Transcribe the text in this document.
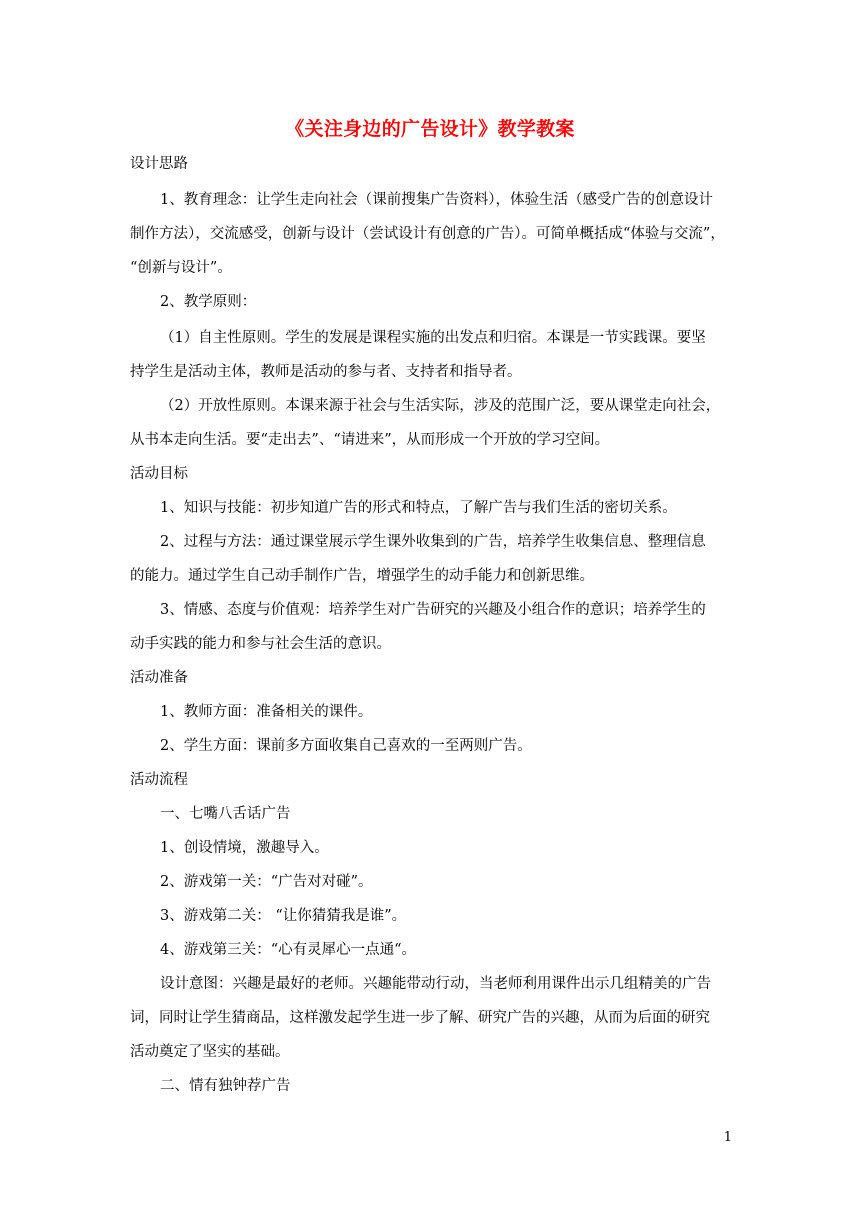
《关注身边的广告设计》教学教案
设计思路
1、教育理念：让学生走向社会（课前搜集广告资料），体验生活（感受广告的创意设计
制作方法），交流感受，创新与设计（尝试设计有创意的广告）。可简单概括成“体验与交流”，
“创新与设计”。
2、教学原则：
（1）自主性原则。学生的发展是课程实施的出发点和归宿。本课是一节实践课。要坚
持学生是活动主体，教师是活动的参与者、支持者和指导者。
（2）开放性原则。本课来源于社会与生活实际，涉及的范围广泛，要从课堂走向社会，
从书本走向生活。要“走出去”、“请进来”，从而形成一个开放的学习空间。
活动目标
1、知识与技能：初步知道广告的形式和特点，了解广告与我们生活的密切关系。
2、过程与方法：通过课堂展示学生课外收集到的广告，培养学生收集信息、整理信息
的能力。通过学生自己动手制作广告，增强学生的动手能力和创新思维。
3、情感、态度与价值观：培养学生对广告研究的兴趣及小组合作的意识；培养学生的
动手实践的能力和参与社会生活的意识。
活动准备
1、教师方面：准备相关的课件。
2、学生方面：课前多方面收集自己喜欢的一至两则广告。
活动流程
一、七嘴八舌话广告
1、创设情境，激趣导入。
2、游戏第一关：“广告对对碰”。
3、游戏第二关： “让你猜猜我是谁”。
4、游戏第三关：“心有灵犀心一点通“。
设计意图：兴趣是最好的老师。兴趣能带动行动，当老师利用课件出示几组精美的广告
词，同时让学生猜商品，这样激发起学生进一步了解、研究广告的兴趣，从而为后面的研究
活动奠定了坚实的基础。
二、情有独钟荐广告
1
